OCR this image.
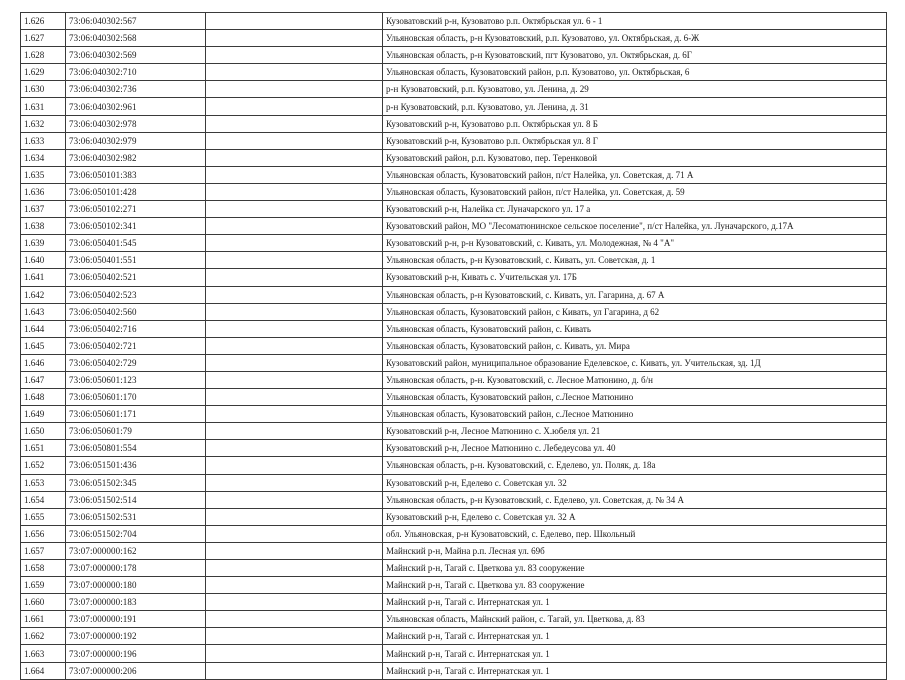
1.626	73:06:040302:567		Кузоватовский р-н, Кузоватово р.п. Октябрьская ул. 6 - 1
1.627	73:06:040302:568		Ульяновская область, р-н Кузоватовский, р.п. Кузоватово, ул. Октябрьская, д. 6-Ж
1.628	73:06:040302:569		Ульяновская область, р-н Кузоватовский, пгт Кузоватово, ул. Октябрьская, д. 6Г
1.629	73:06:040302:710		Ульяновская область, Кузоватовский район, р.п. Кузоватово, ул. Октябрьская, 6
1.630	73:06:040302:736		р-н Кузоватовский, р.п. Кузоватово, ул. Ленина, д. 29
1.631	73:06:040302:961		р-н Кузоватовский, р.п. Кузоватово, ул. Ленина, д. 31
1.632	73:06:040302:978		Кузоватовский р-н, Кузоватово р.п. Октябрьская ул. 8 Б
1.633	73:06:040302:979		Кузоватовский р-н, Кузоватово р.п. Октябрьская ул. 8 Г
1.634	73:06:040302:982		Кузоватовский район, р.п. Кузоватово, пер. Теренковой
1.635	73:06:050101:383		Ульяновская область, Кузоватовский район, п/ст Налейка, ул. Советская, д. 71 А
1.636	73:06:050101:428		Ульяновская область, Кузоватовский район, п/ст Налейка, ул. Советская, д. 59
1.637	73:06:050102:271		Кузоватовский р-н, Налейка ст. Луначарского ул. 17 а
1.638	73:06:050102:341		Кузоватовский район, МО "Лесоматюнинское сельское поселение", п/ст Налейка, ул. Луначарского, д.17А
1.639	73:06:050401:545		Кузоватовский р-н, р-н Кузоватовский, с. Кивать, ул. Молодежная, № 4 "А"
1.640	73:06:050401:551		Ульяновская область, р-н Кузоватовский, с. Кивать, ул. Советская, д. 1
1.641	73:06:050402:521		Кузоватовский р-н, Кивать с. Учительская ул. 17Б
1.642	73:06:050402:523		Ульяновская область, р-н Кузоватовский, с. Кивать, ул. Гагарина, д. 67 А
1.643	73:06:050402:560		Ульяновская область, Кузоватовский район, с Кивать, ул Гагарина, д 62
1.644	73:06:050402:716		Ульяновская область, Кузоватовский район, с. Кивать
1.645	73:06:050402:721		Ульяновская область, Кузоватовский район, с. Кивать, ул. Мира
1.646	73:06:050402:729		Кузоватовский район, муниципальное образование Еделевское, с. Кивать, ул. Учительская, зд. 1Д
1.647	73:06:050601:123		Ульяновская область, р-н. Кузоватовский, с. Лесное Матюнино, д. б/н
1.648	73:06:050601:170		Ульяновская область, Кузоватовский район, с.Лесное Матюнино
1.649	73:06:050601:171		Ульяновская область, Кузоватовский район, с.Лесное Матюнино
1.650	73:06:050601:79		Кузоватовский р-н, Лесное Матюнино с. Х.юбеля ул. 21
1.651	73:06:050801:554		Кузоватовский р-н, Лесное Матюнино с. Лебедеусова ул. 40
1.652	73:06:051501:436		Ульяновская область, р-н. Кузоватовский, с. Еделево, ул. Поляк, д. 18а
1.653	73:06:051502:345		Кузоватовский р-н, Еделево с. Советская ул. 32
1.654	73:06:051502:514		Ульяновская область, р-н Кузоватовский, с. Еделево, ул. Советская, д. № 34 А
1.655	73:06:051502:531		Кузоватовский р-н, Еделево с. Советская ул. 32 А
1.656	73:06:051502:704		обл. Ульяновская, р-н Кузоватовский, с. Еделево, пер. Школьный
1.657	73:07:000000:162		Майнский р-н, Майна р.п. Лесная ул. 69б
1.658	73:07:000000:178		Майнский р-н, Тагай с. Цветкова ул. 83 сооружение
1.659	73:07:000000:180		Майнский р-н, Тагай с. Цветкова ул. 83 сооружение
1.660	73:07:000000:183		Майнский р-н, Тагай с. Интернатская ул. 1
1.661	73:07:000000:191		Ульяновская область, Майнский район, с. Тагай, ул. Цветкова, д. 83
1.662	73:07:000000:192		Майнский р-н, Тагай с. Интернатская ул. 1
1.663	73:07:000000:196		Майнский р-н, Тагай с. Интернатская ул. 1
1.664	73:07:000000:206		Майнский р-н, Тагай с. Интернатская ул. 1
